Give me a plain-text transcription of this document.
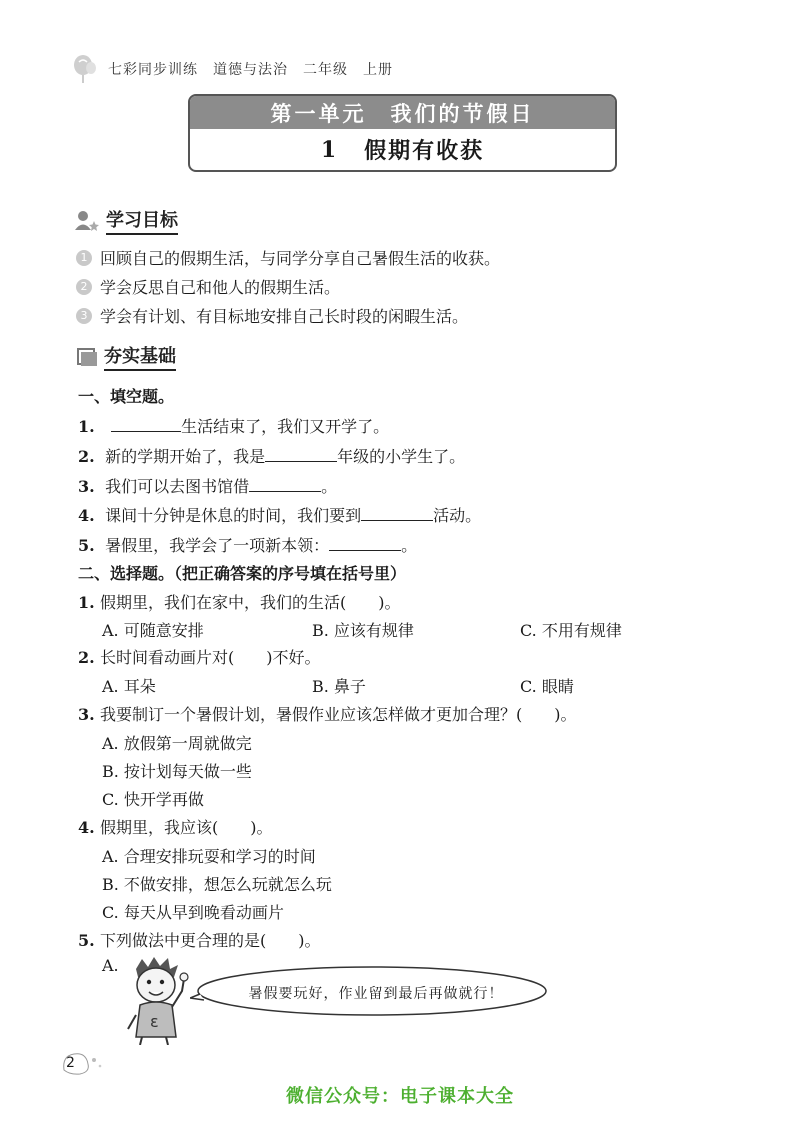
七彩同步训练　道德与法治　二年级　上册
第一单元　我们的节假日
1 假期有收获
学习目标
1 回顾自己的假期生活，与同学分享自己暑假生活的收获。
2 学会反思自己和他人的假期生活。
3 学会有计划、有目标地安排自己长时段的闲暇生活。
夯实基础
一、填空题。
1.	生活结束了，我们又开学了。
2. 新的学期开始了，我是	年级的小学生了。
3. 我们可以去图书馆借	。
4. 课间十分钟是休息的时间，我们要到	活动。
5. 暑假里，我学会了一项新本领：	。
二、选择题。（把正确答案的序号填在括号里）
1. 假期里，我们在家中，我们的生活(　　)。
A. 可随意安排	B. 应该有规律	C. 不用有规律
2. 长时间看动画片对(　　)不好。
A. 耳朵	B. 鼻子	C. 眼睛
3. 我要制订一个暑假计划，暑假作业应该怎样做才更加合理？(　　)。
A. 放假第一周就做完
B. 按计划每天做一些
C. 快开学再做
4. 假期里，我应该(　　)。
A. 合理安排玩耍和学习的时间
B. 不做安排，想怎么玩就怎么玩
C. 每天从早到晚看动画片
5. 下列做法中更合理的是(　　)。
A.
ε
暑假要玩好，作业留到最后再做就行！
2
微信公众号：电子课本大全
